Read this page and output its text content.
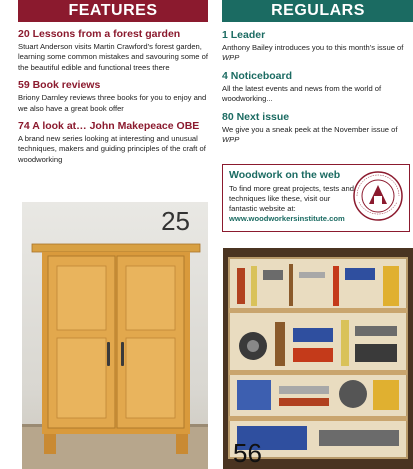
FEATURES
20 Lessons from a forest garden

Stuart Anderson visits Martin Crawford’s forest garden, learning some common mistakes and savouring some of the beautiful edible and functional trees there

59 Book reviews

Briony Darnley reviews three books for you to enjoy and we also have a great book offer

74 A look at… John Makepeace OBE

A brand new series looking at interesting and unusual techniques, makers and guiding principles of the craft of woodworking

REGULARS
1 Leader

Anthony Bailey introduces you to this month’s issue of WPP

4 Noticeboard

All the latest events and news from the world of woodworking...

80 Next issue

We give you a sneak peek at the November issue of WPP

Woodwork on the web
To find more great projects, tests and techniques like these, visit our fantastic website at: www.woodworkersinstitute.com
25
56
